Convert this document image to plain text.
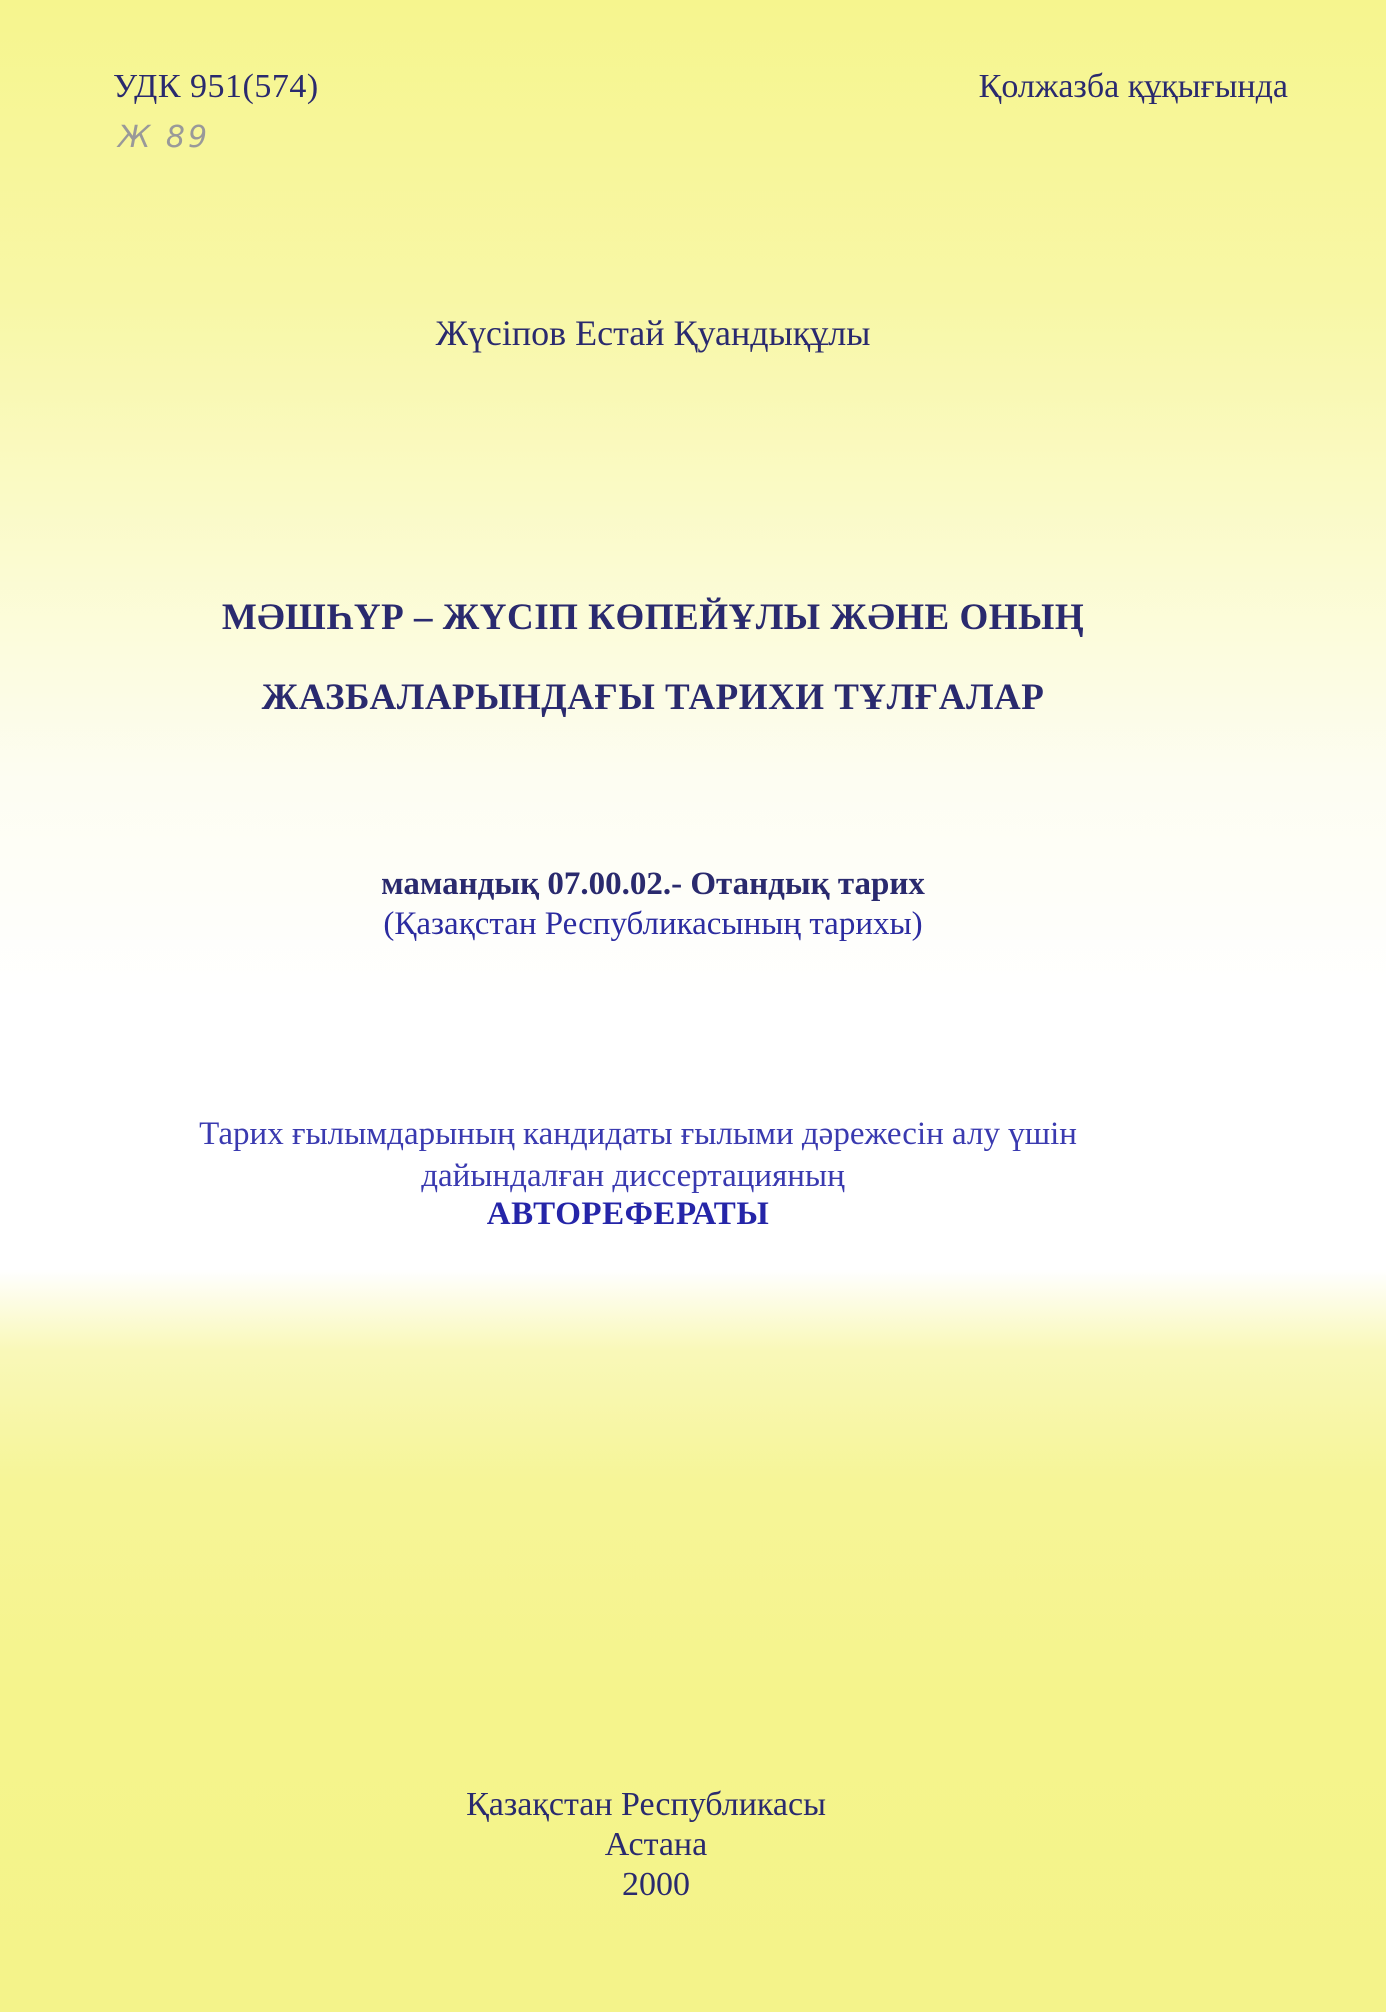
УДК 951(574)
Ж 89
Қолжазба құқығында
Жүсіпов Естай Қуандықұлы
МӘШҺҮР – ЖҮСІП КӨПЕЙҰЛЫ ЖӘНЕ ОНЫҢ
ЖАЗБАЛАРЫНДАҒЫ ТАРИХИ ТҰЛҒАЛАР
мамандық 07.00.02.- Отандық тарих
(Қазақстан Республикасының тарихы)
Тарих ғылымдарының кандидаты ғылыми дәрежесін алу үшін
дайындалған диссертацияның
АВТОРЕФЕРАТЫ
Қазақстан Республикасы
Астана
2000
